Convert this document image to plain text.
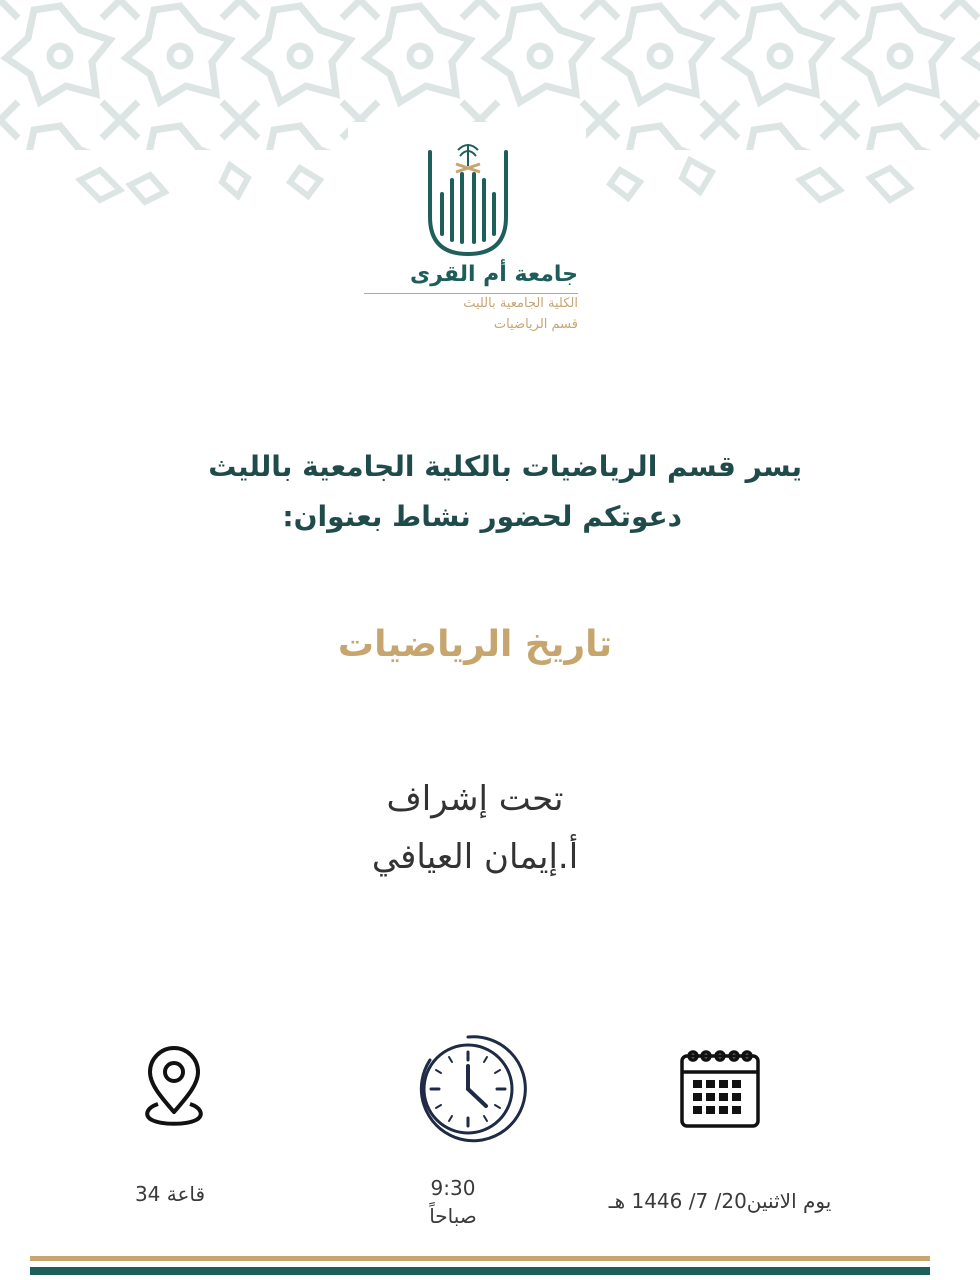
جامعة أم القرى
الكلية الجامعية بالليث
قسم الرياضيات
يسر قسم الرياضيات بالكلية الجامعية بالليث
دعوتكم لحضور نشاط بعنوان:
تاريخ الرياضيات
تحت إشراف
أ.إيمان العيافي
قاعة 34	9:30
صباحاً
يوم الاثنين20/ 7/ 1446 هـ
